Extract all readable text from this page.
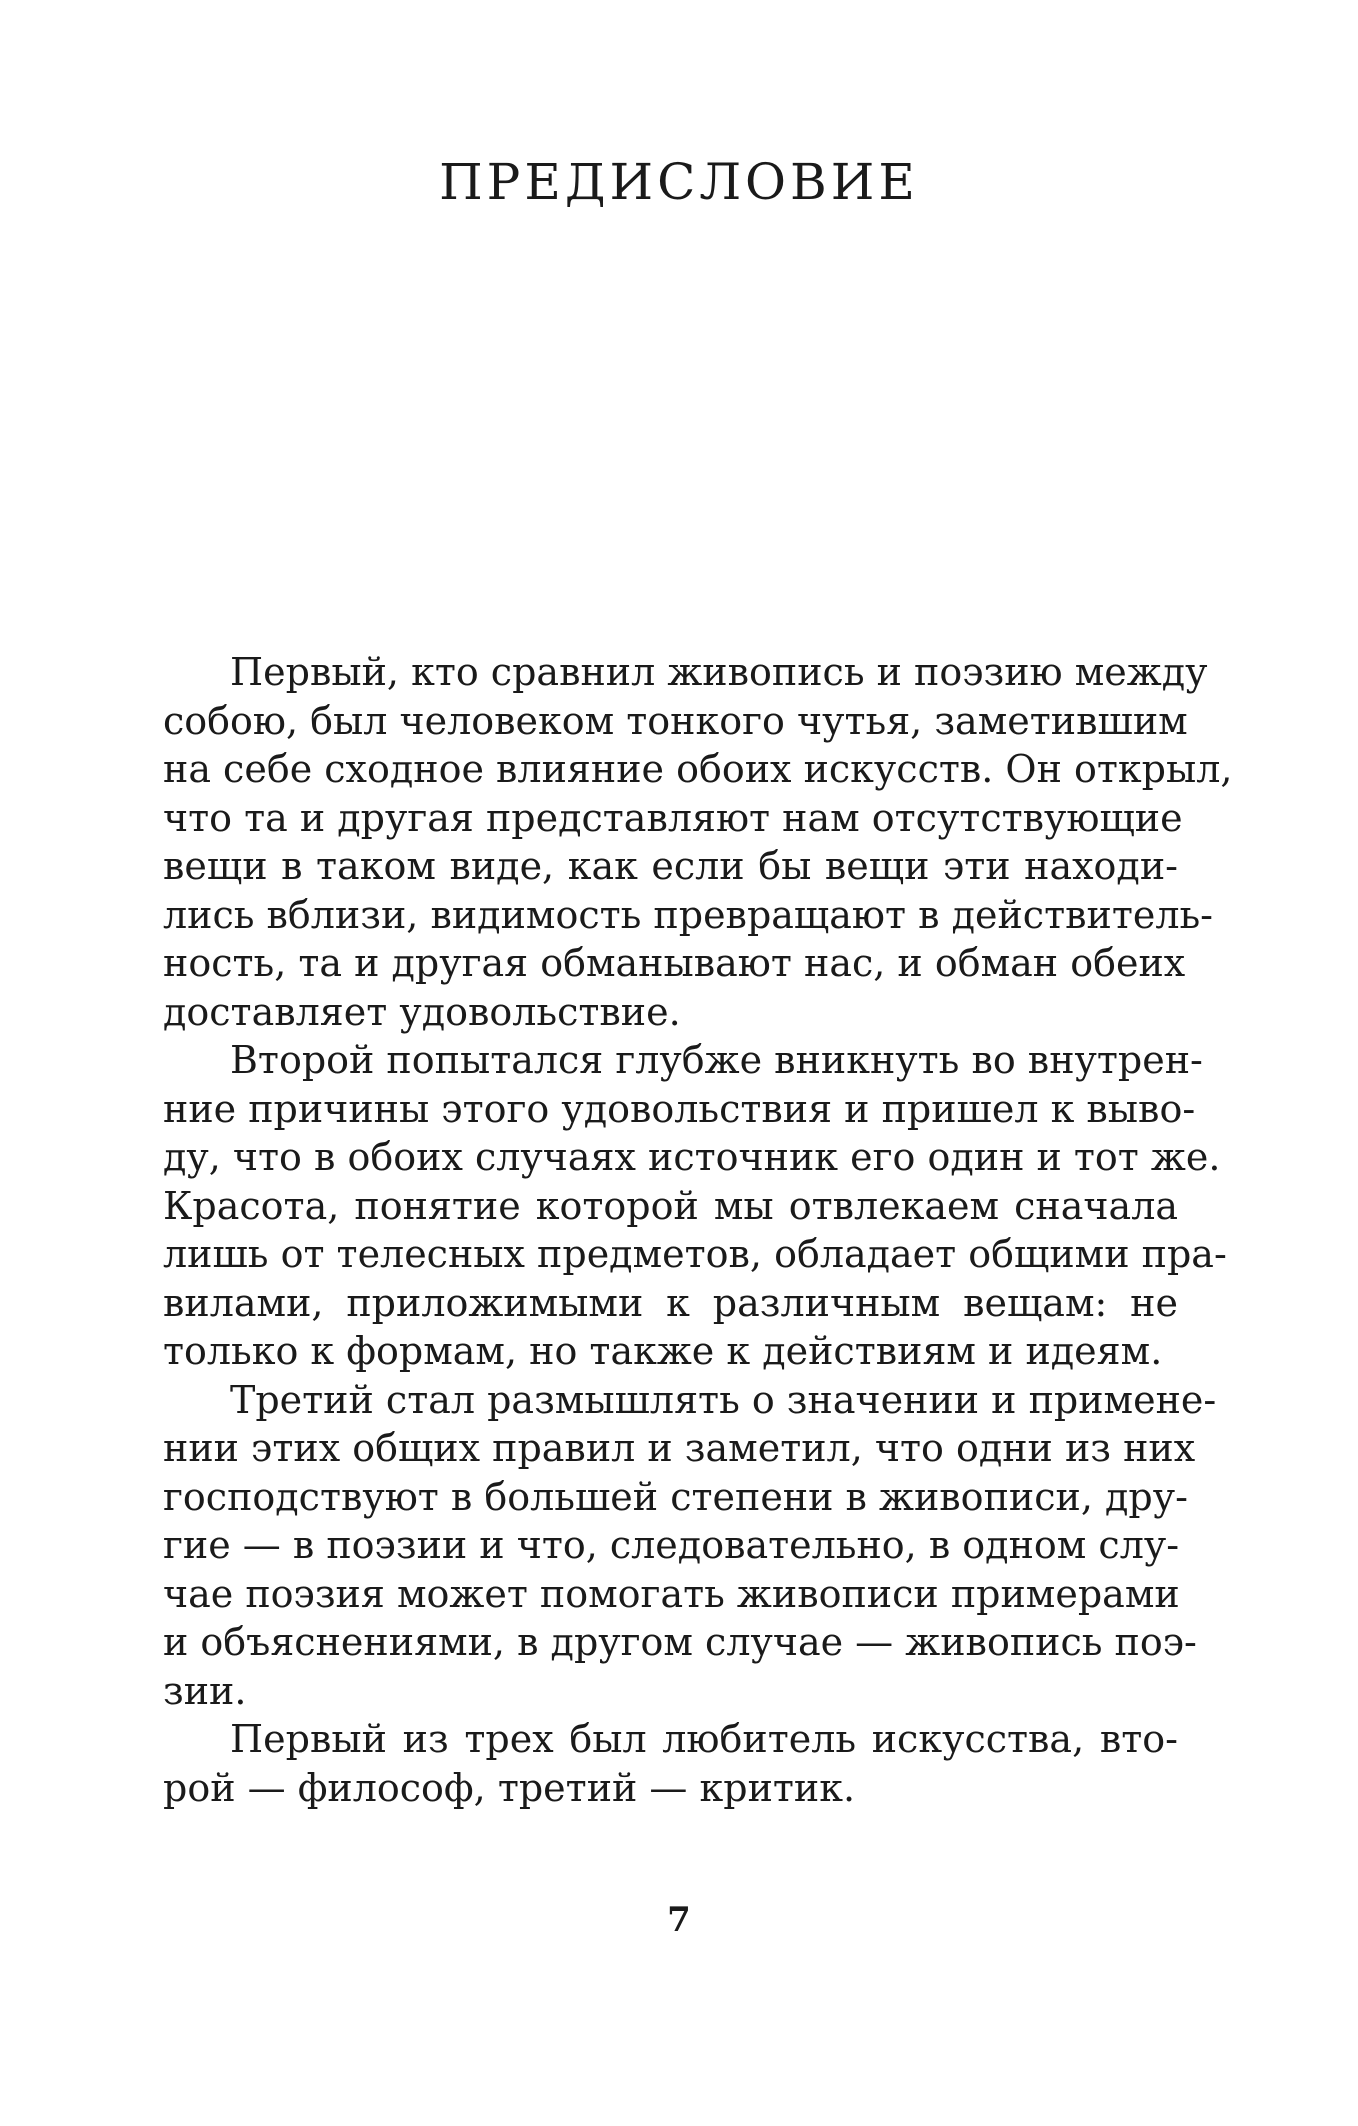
ПРЕДИСЛОВИЕ
Первый, кто сравнил живопись и поэзию между
собою, был человеком тонкого чутья, заметившим
на себе сходное влияние обоих искусств. Он открыл,
что та и другая представляют нам отсутствующие
вещи в таком виде, как если бы вещи эти находи-
лись вблизи, видимость превращают в действитель-
ность, та и другая обманывают нас, и обман обеих
доставляет удовольствие.
Второй попытался глубже вникнуть во внутрен-
ние причины этого удовольствия и пришел к выво-
ду, что в обоих случаях источник его один и тот же.
Красота, понятие которой мы отвлекаем сначала
лишь от телесных предметов, обладает общими пра-
вилами, приложимыми к различным вещам: не
только к формам, но также к действиям и идеям.
Третий стал размышлять о значении и примене-
нии этих общих правил и заметил, что одни из них
господствуют в большей степени в живописи, дру-
гие — в поэзии и что, следовательно, в одном слу-
чае поэзия может помогать живописи примерами
и объяснениями, в другом случае — живопись поэ-
зии.
Первый из трех был любитель искусства, вто-
рой — философ, третий — критик.
7
